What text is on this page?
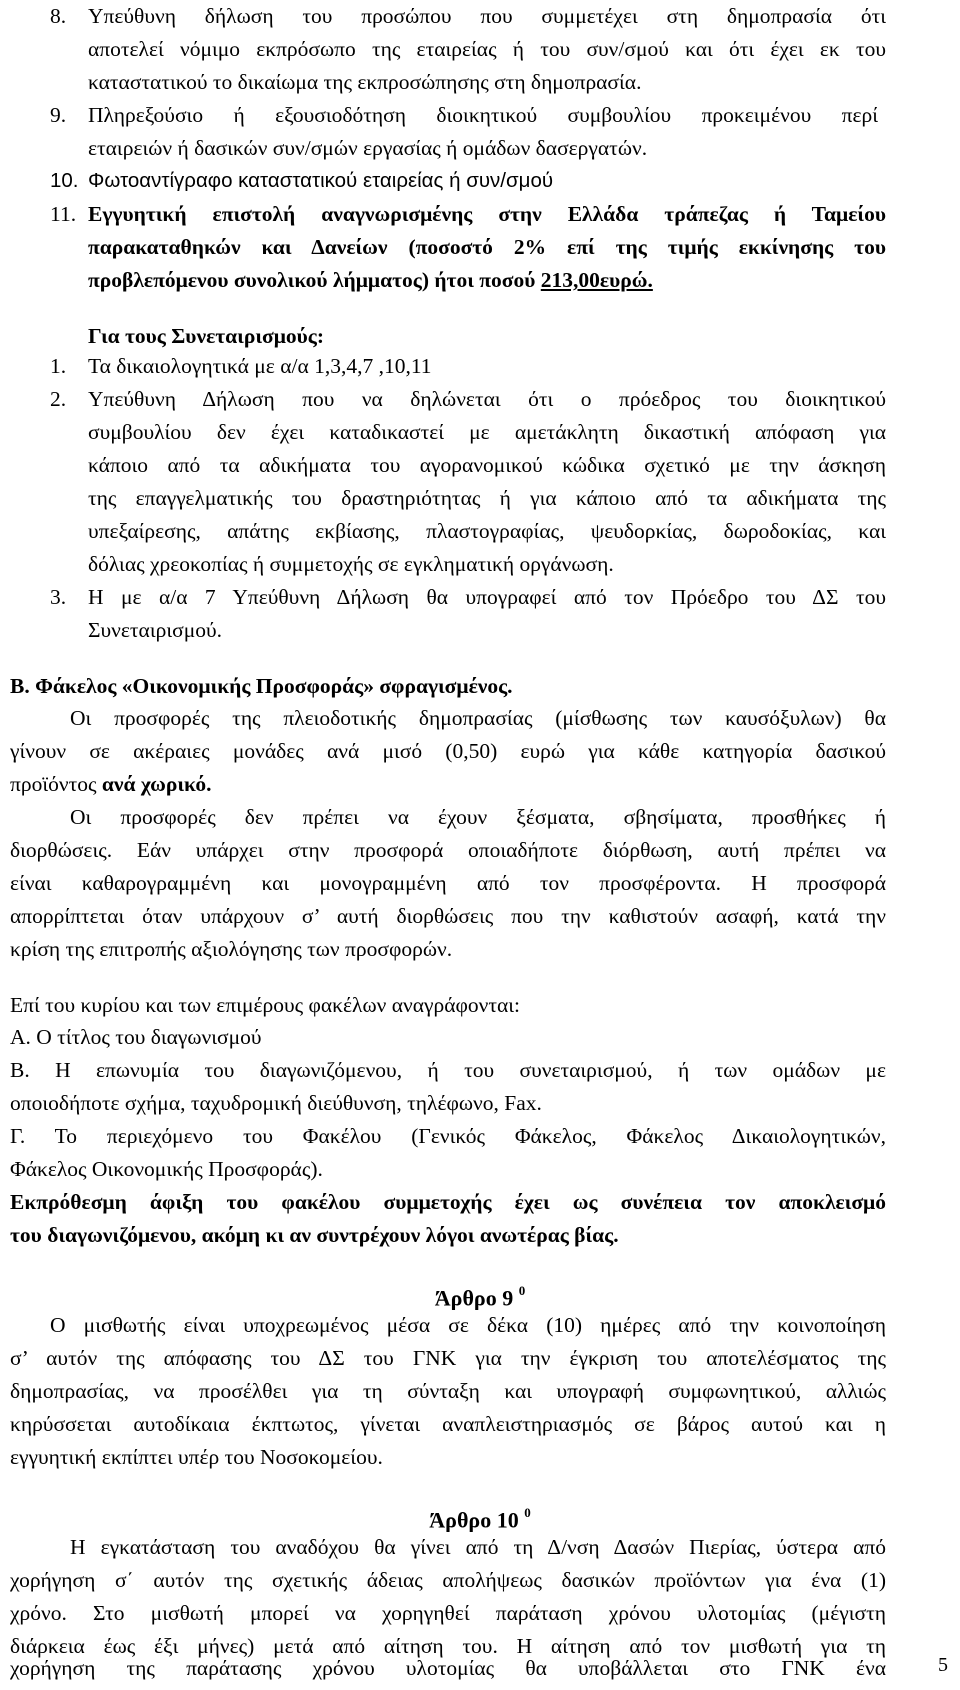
8.	Υπεύθυνη δήλωση του προσώπου που συμμετέχει στη δημοπρασία ότι
αποτελεί νόμιμο εκπρόσωπο της εταιρείας ή του συν/σμού και ότι έχει εκ του
καταστατικού το δικαίωμα της εκπροσώπησης στη δημοπρασία.
9.	Πληρεξούσιο ή εξουσιοδότηση διοικητικού συμβουλίου προκειμένου περί
εταιρειών ή δασικών συν/σμών εργασίας ή ομάδων δασεργατών.
10. Φωτοαντίγραφο καταστατικού εταιρείας ή συν/σμού
11. Εγγυητική επιστολή αναγνωρισμένης στην Ελλάδα τράπεζας ή Ταμείου
παρακαταθηκών και Δανείων (ποσοστό 2% επί της τιμής εκκίνησης του
προβλεπόμενου συνολικού λήμματος) ήτοι ποσού 213,00ευρώ.
Για τους Συνεταιρισμούς:
1.	Τα δικαιολογητικά με α/α 1,3,4,7 ,10,11
2.	Υπεύθυνη Δήλωση που να δηλώνεται ότι ο πρόεδρος του διοικητικού
συμβουλίου δεν έχει καταδικαστεί με αμετάκλητη δικαστική απόφαση για
κάποιο από τα αδικήματα του αγορανομικού κώδικα σχετικό με την άσκηση
της επαγγελματικής του δραστηριότητας ή για κάποιο από τα αδικήματα της
υπεξαίρεσης, απάτης εκβίασης, πλαστογραφίας, ψευδορκίας, δωροδοκίας, και
δόλιας χρεοκοπίας ή συμμετοχής σε εγκληματική οργάνωση.
3.	Η με α/α 7 Υπεύθυνη Δήλωση θα υπογραφεί από τον Πρόεδρο του ΔΣ του
Συνεταιρισμού.
Β. Φάκελος «Οικονομικής Προσφοράς» σφραγισμένος.
Οι προσφορές της πλειοδοτικής δημοπρασίας (μίσθωσης των καυσόξυλων) θα
γίνουν σε ακέραιες μονάδες ανά μισό (0,50) ευρώ για κάθε κατηγορία δασικού
προϊόντος ανά χωρικό.
Οι προσφορές δεν πρέπει να έχουν ξέσματα, σβησίματα, προσθήκες ή
διορθώσεις. Εάν υπάρχει στην προσφορά οποιαδήποτε διόρθωση, αυτή πρέπει να
είναι καθαρογραμμένη και μονογραμμένη από τον προσφέροντα. Η προσφορά
απορρίπτεται όταν υπάρχουν σ’ αυτή διορθώσεις που την καθιστούν ασαφή, κατά την
κρίση της επιτροπής αξιολόγησης των προσφορών.
Επί του κυρίου και των επιμέρους φακέλων αναγράφονται:
Α. Ο τίτλος του διαγωνισμού
Β. Η επωνυμία του διαγωνιζόμενου, ή του συνεταιρισμού, ή των ομάδων με
οποιοδήποτε σχήμα, ταχυδρομική διεύθυνση, τηλέφωνο, Fax.
Γ. Το περιεχόμενο του Φακέλου (Γενικός Φάκελος, Φάκελος Δικαιολογητικών,
Φάκελος Οικονομικής Προσφοράς).
Εκπρόθεσμη άφιξη του φακέλου συμμετοχής έχει ως συνέπεια τον αποκλεισμό
του διαγωνιζόμενου, ακόμη κι αν συντρέχουν λόγοι ανωτέρας βίας.
Άρθρο 9 $^0$
Ο μισθωτής είναι υποχρεωμένος μέσα σε δέκα (10) ημέρες από την κοινοποίηση
σ’ αυτόν της απόφασης του ΔΣ του ΓΝΚ για την έγκριση του αποτελέσματος της
δημοπρασίας, να προσέλθει για τη σύνταξη και υπογραφή συμφωνητικού, αλλιώς
κηρύσσεται αυτοδίκαια έκπτωτος, γίνεται αναπλειστηριασμός σε βάρος αυτού και η
εγγυητική εκπίπτει υπέρ του Νοσοκομείου.
Άρθρο 10 $^0$
Η εγκατάσταση του αναδόχου θα γίνει από τη Δ/νση Δασών Πιερίας, ύστερα από
χορήγηση σ΄ αυτόν της σχετικής άδειας απολήψεως δασικών προϊόντων για ένα (1)
χρόνο. Στο μισθωτή μπορεί να χορηγηθεί παράταση χρόνου υλοτομίας (μέγιστη
διάρκεια έως έξι μήνες) μετά από αίτηση του. Η αίτηση από τον μισθωτή για τη
5
χορήγηση της παράτασης χρόνου υλοτομίας θα υποβάλλεται στο ΓΝΚ ένα
